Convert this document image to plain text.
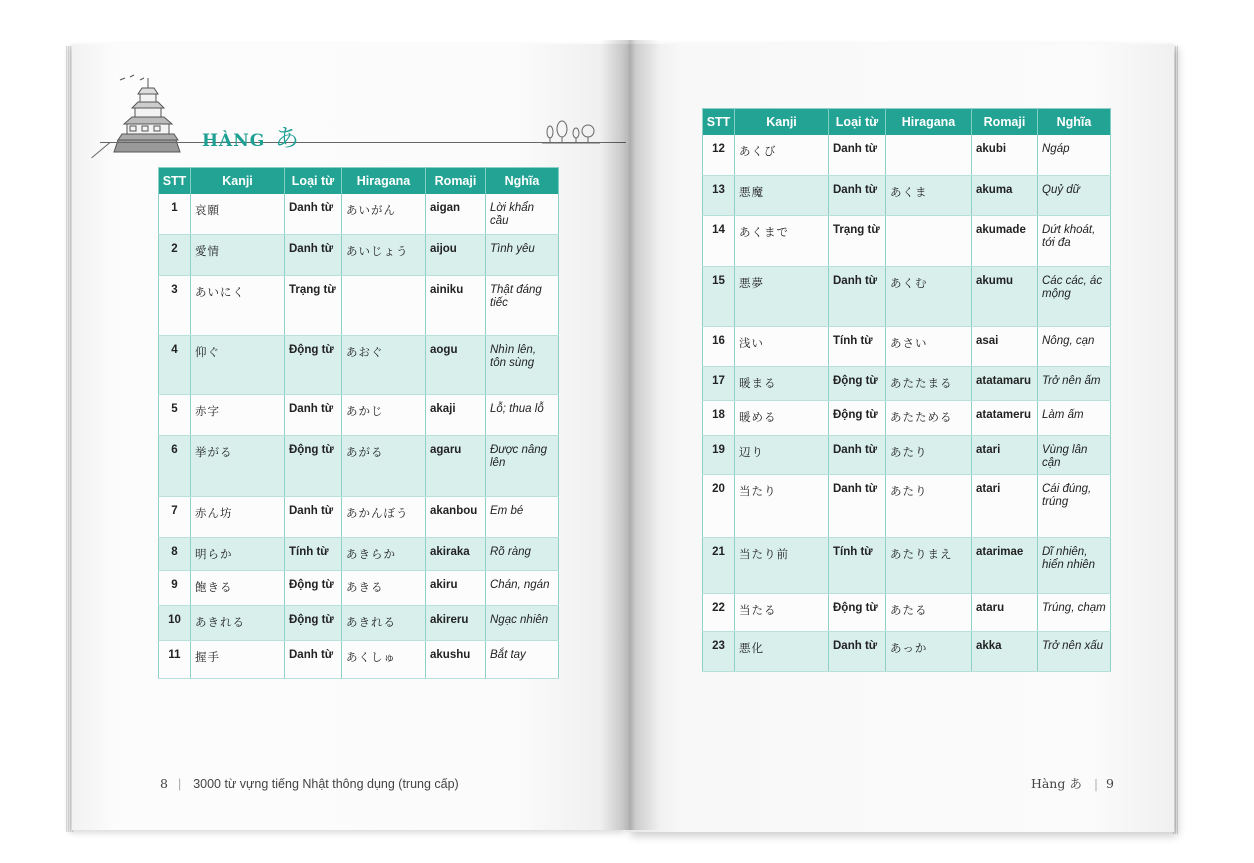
HÀNG あ
STT	Kanji	Loại từ	Hiragana	Romaji	Nghĩa
1	哀願	Danh từ	あいがん	aigan	Lời khẩn cầu
2	愛情	Danh từ	あいじょう	aijou	Tình yêu
3	あいにく	Trạng từ		ainiku	Thật đáng tiếc
4	仰ぐ	Động từ	あおぐ	aogu	Nhìn lên, tôn sùng
5	赤字	Danh từ	あかじ	akaji	Lỗ; thua lỗ
6	挙がる	Động từ	あがる	agaru	Được nâng lên
7	赤ん坊	Danh từ	あかんぼう	akanbou	Em bé
8	明らか	Tính từ	あきらか	akiraka	Rõ ràng
9	飽きる	Động từ	あきる	akiru	Chán, ngán
10	あきれる	Động từ	あきれる	akireru	Ngạc nhiên
11	握手	Danh từ	あくしゅ	akushu	Bắt tay
8 | 3000 từ vựng tiếng Nhật thông dụng (trung cấp)
STT	Kanji	Loại từ	Hiragana	Romaji	Nghĩa
12	あくび	Danh từ		akubi	Ngáp
13	悪魔	Danh từ	あくま	akuma	Quỷ dữ
14	あくまで	Trạng từ		akumade	Dứt khoát, tới đa
15	悪夢	Danh từ	あくむ	akumu	Các các, ác mộng
16	浅い	Tính từ	あさい	asai	Nông, cạn
17	暖まる	Động từ	あたたまる	atatamaru	Trở nên ấm
18	暖める	Động từ	あたためる	atatameru	Làm ấm
19	辺り	Danh từ	あたり	atari	Vùng lân cận
20	当たり	Danh từ	あたり	atari	Cái đúng, trúng
21	当たり前	Tính từ	あたりまえ	atarimae	Dĩ nhiên, hiển nhiên
22	当たる	Động từ	あたる	ataru	Trúng, chạm
23	悪化	Danh từ	あっか	akka	Trở nên xấu
Hàng あ | 9
